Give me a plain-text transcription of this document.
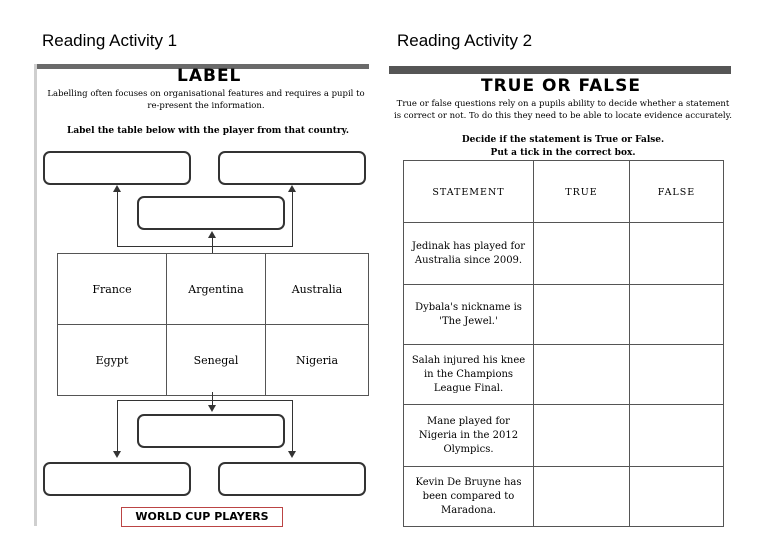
Reading Activity 1	Reading Activity 2
LABEL
Labelling often focuses on organisational features and requires a pupil to re-present the information.
Label the table below with the player from that country.
France	Argentina	Australia
Egypt	Senegal	Nigeria
WORLD CUP PLAYERS
TRUE OR FALSE
True or false questions rely on a pupils ability to decide whether a statement is correct or not. To do this they need to be able to locate evidence accurately.
Decide if the statement is True or False.
Put a tick in the correct box.
STATEMENT	TRUE	FALSE
Jedinak has played for Australia since 2009.		
Dybala's nickname is 'The Jewel.'		
Salah injured his knee in the Champions League Final.		
Mane played for Nigeria in the 2012 Olympics.		
Kevin De Bruyne has been compared to Maradona.		
